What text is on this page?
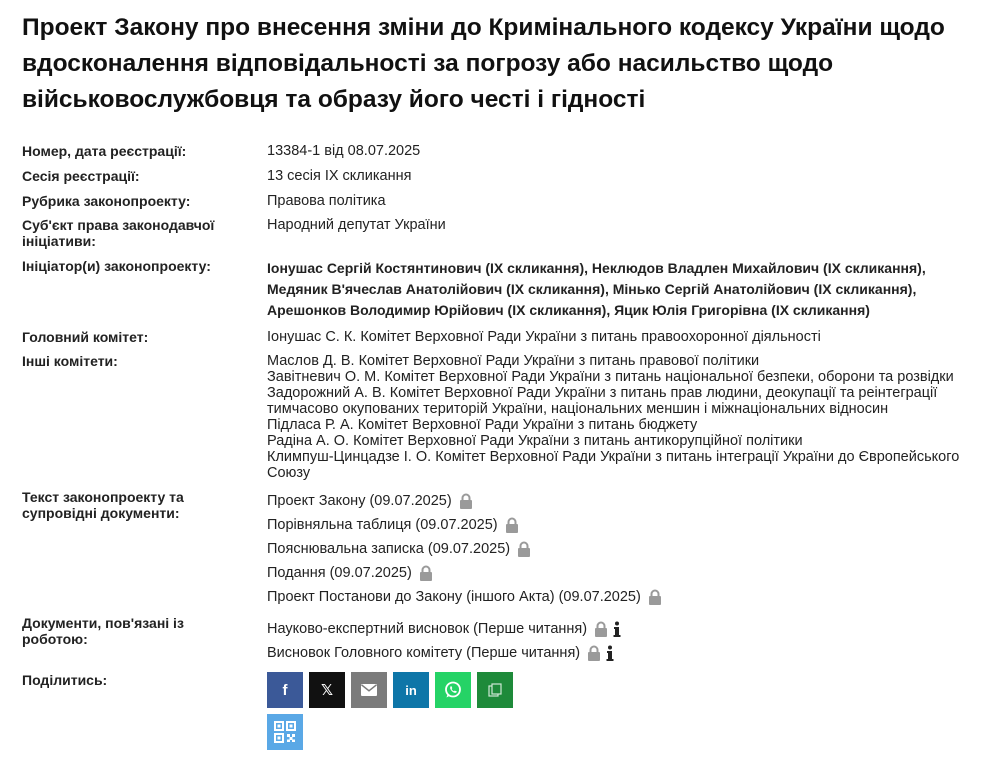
Проект Закону про внесення зміни до Кримінального кодексу України щодо вдосконалення відповідальності за погрозу або насильство щодо військовослужбовця та образу його честі і гідності
Номер, дата реєстрації:	13384-1 від 08.07.2025
Сесія реєстрації:	13 сесія IX скликання
Рубрика законопроекту:	Правова політика
Суб'єкт права законодавчої ініціативи:
Народний депутат України
Ініціатор(и) законопроекту:	Іонушас Сергій Костянтинович (IX скликання), Неклюдов Владлен Михайлович (IX скликання), Медяник В'ячеслав Анатолійович (IX скликання), Мінько Сергій Анатолійович (IX скликання), Арешонков Володимир Юрійович (IX скликання), Яцик Юлія Григорівна (IX скликання)
Головний комітет:	Іонушас С. К. Комітет Верховної Ради України з питань правоохоронної діяльності
Інші комітети:	Маслов Д. В. Комітет Верховної Ради України з питань правової політики
Завітневич О. М. Комітет Верховної Ради України з питань національної безпеки, оборони та розвідки
Задорожний А. В. Комітет Верховної Ради України з питань прав людини, деокупації та реінтеграції тимчасово окупованих територій України, національних меншин і міжнаціональних відносин
Підласа Р. А. Комітет Верховної Ради України з питань бюджету
Радіна А. О. Комітет Верховної Ради України з питань антикорупційної політики
Климпуш-Цинцадзе І. О. Комітет Верховної Ради України з питань інтеграції України до Європейського Союзу
Текст законопроекту та супровідні документи:
Проект Закону (09.07.2025)
Порівняльна таблиця (09.07.2025)
Пояснювальна записка (09.07.2025)
Подання (09.07.2025)
Проект Постанови до Закону (іншого Акта) (09.07.2025)
Документи, пов'язані із роботою:
Науково-експертний висновок (Перше читання)
Висновок Головного комітету (Перше читання)
Поділитись:
f 𝕏	in
